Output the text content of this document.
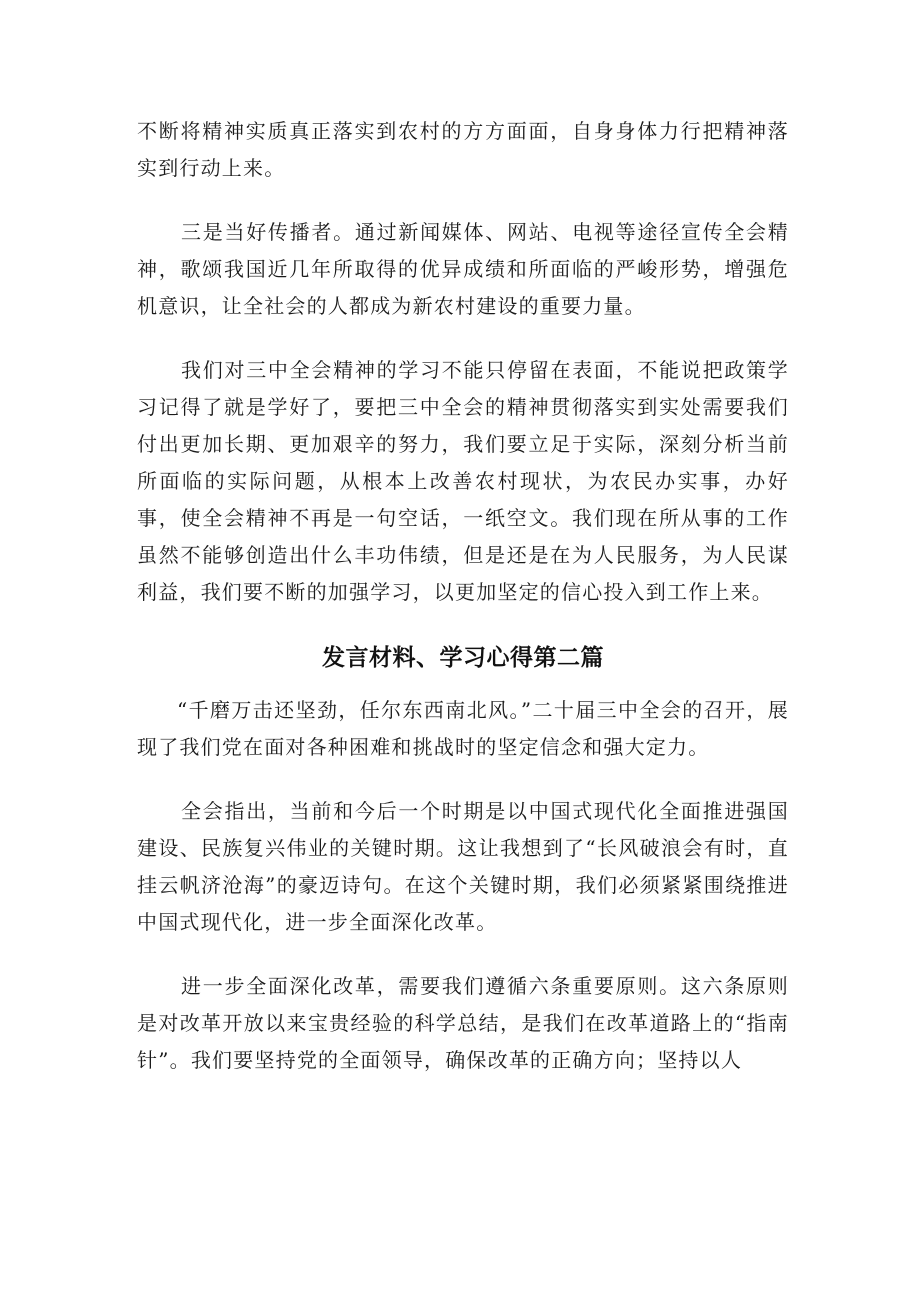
不断将精神实质真正落实到农村的方方面面，自身身体力行把精神落实到行动上来。

三是当好传播者。通过新闻媒体、网站、电视等途径宣传全会精神，歌颂我国近几年所取得的优异成绩和所面临的严峻形势，增强危机意识，让全社会的人都成为新农村建设的重要力量。

我们对三中全会精神的学习不能只停留在表面，不能说把政策学习记得了就是学好了，要把三中全会的精神贯彻落实到实处需要我们付出更加长期、更加艰辛的努力，我们要立足于实际，深刻分析当前所面临的实际问题，从根本上改善农村现状，为农民办实事，办好事，使全会精神不再是一句空话，一纸空文。我们现在所从事的工作虽然不能够创造出什么丰功伟绩，但是还是在为人民服务，为人民谋利益，我们要不断的加强学习，以更加坚定的信心投入到工作上来。

发言材料、学习心得第二篇

“千磨万击还坚劲，任尔东西南北风。”二十届三中全会的召开，展现了我们党在面对各种困难和挑战时的坚定信念和强大定力。

全会指出，当前和今后一个时期是以中国式现代化全面推进强国建设、民族复兴伟业的关键时期。这让我想到了“长风破浪会有时，直挂云帆济沧海”的豪迈诗句。在这个关键时期，我们必须紧紧围绕推进中国式现代化，进一步全面深化改革。

进一步全面深化改革，需要我们遵循六条重要原则。这六条原则是对改革开放以来宝贵经验的科学总结，是我们在改革道路上的“指南针”。我们要坚持党的全面领导，确保改革的正确方向；坚持以人
